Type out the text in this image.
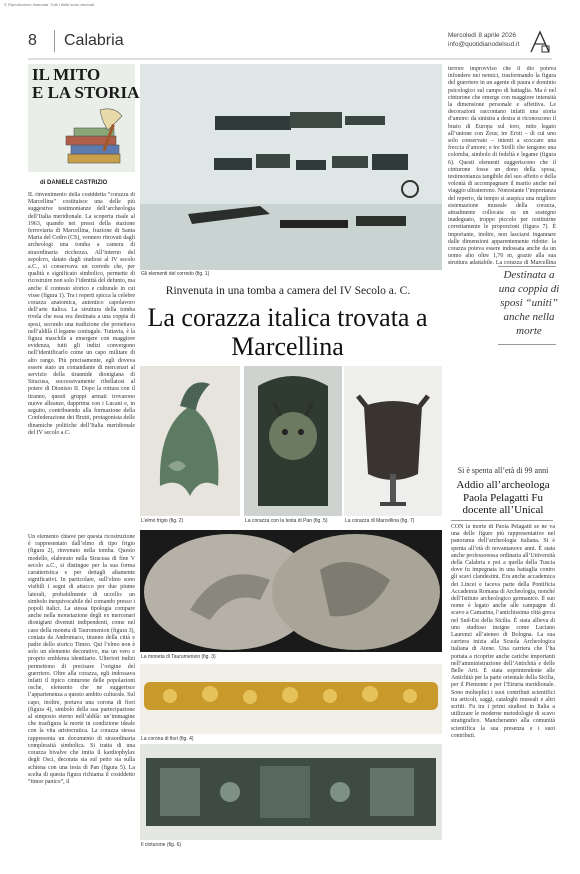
© Riproduzione riservata. Tutti i diritti sono riservati
8 Calabria	Mercoledì 8 aprile 2026
info@quotidianodelsud.it
IL MITO
E LA STORIA
di DANIELE CASTRIZIO
IL rinvenimento della cosiddetta “corazza di Marcellina” costituisce una delle più suggestive testimonianze dell’archeologia dell’Italia meridionale. La scoperta risale al 1963, quando nei pressi della stazione ferroviaria di Marcellina, frazione di Santa Maria del Cedro (CS), vennero ritrovati dagli archeologi una tomba a camera di straordinaria ricchezza. All’interno del sepolcro, datato dagli studiosi al IV secolo a.C., si conservava un corredo che, per qualità e significato simbolico, permette di ricostruire non solo l’identità del defunto, ma anche il contesto storico e culturale in cui visse (figura 1). Tra i reperti spicca la celebre corazza anatomica, autentico capolavoro dell’arte italica. La struttura della tomba rivela che essa era destinata a una coppia di sposi, secondo una tradizione che proiettava nell’aldilà il legame coniugale. Tuttavia, è la figura maschile a emergere con maggiore evidenza, tutti gli indizi convergono nell’identificarlo come un capo militare di alto rango. Più precisamente, egli doveva essere stato un comandante di mercenari al servizio della tirannide dionigiana di Siracusa, successivamente ribellatosi al potere di Dionisio II. Dopo la rottura con il tiranno, questi gruppi armati trovarono nuove alleanze, dapprima con i Lucani e, in seguito, contribuendo alla formazione della Confederazione dei Brutti, protagonista delle dinamiche politiche dell’Italia meridionale del IV secolo a.C.
Un elemento chiave per questa ricostruzione è rappresentato dall’elmo di tipo frigio (figura 2), rinvenuto nella tomba. Questo modello, elaborato nella Siracusa di fine V secolo a.C., si distingue per la sua forma caratteristica e per dettagli altamente significativi. In particolare, sull’elmo sono visibili i segni di attacco per due piume laterali, probabilmente di uccello: un simbolo inequivocabile del comando presso i popoli italici. La stessa tipologia compare anche nella monetazione degli ex mercenari dionigiani divenuti indipendenti, come nel caso della moneta di Tauromenion (figura 3), coniata da Andromaco, tiranno della città e padre dello storico Timeo. Qui l’elmo non è solo un elemento decorativo, ma un vero e proprio emblema identitario. Ulteriori indizi permettono di precisare l’origine del guerriero. Oltre alla corazza, egli indossava infatti il tipico cinturone delle popolazioni osche, elemento che ne suggerisce l’appartenenza a questo ambito culturale. Sul capo, inoltre, portava una corona di fiori (figura 4), simbolo della sua partecipazione al simposio eterno nell’aldilà: un’immagine che trasfigura la morte in condizione ideale con la vita aristocratica. La corazza stessa rappresenta un documento di straordinaria complessità simbolica. Si tratta di una corazza bivalve che imita il kardiophylax degli Osci, decorata sia sul petto sia sulla schiena con una testa di Pan (figura 5). La scelta di questa figura richiama il cosiddetto “timor panico”, il
terrore improvviso che il dio poteva infondere nei nemici, trasformando la figura del guerriero in un agente di paura e dominio psicologico sul campo di battaglia. Ma è nel cinturone che emerge con maggiore intensità la dimensione personale e affettiva. Le decorazioni raccontano infatti una storia d’amore: da sinistra a destra si riconoscono il busto di Europa sul toro, mito legato all’unione con Zeus; tre Eroti – di cui uno solo conservato – intenti a scoccare una freccia d’amore; e tre Sirilli che tengono una colomba, simbolo di fedeltà e legame (figura 6). Questi elementi suggeriscono che il cinturone fosse un dono della sposa, testimonianza tangibile del suo affetto e della volontà di accompagnare il marito anche nel viaggio ultraterreno. Nonostante l’importanza del reperto, da tempo si auspica una migliore sistemazione museale della corazza, attualmente collocata su un sostegno inadeguato, troppo piccolo per restituirne correttamente le proporzioni (figura 7). È importante, inoltre, non lasciarsi ingannare dalle dimensioni apparentemente ridotte: la corazza poteva essere indossata anche da un uomo alto oltre 1,70 m, grazie alla sua struttura adattabile. La corazza di Marcellina
Gli elementi del corredo (fig. 1)
Rinvenuta in una tomba a camera del IV Secolo a. C.
La corazza italica trovata a Marcellina
Destinata a una coppia di sposi “uniti” anche nella morte
L’elmo frigio (fig. 2)	La corazza con la testa di Pan (fig. 5)	La corazza di Marcellina (fig. 7)
La moneta di Taurumenion (fig. 3)
La corona di fiori (fig. 4)
Il cinturone (fig. 6)
Si è spenta all’età di 99 anni
Addio all’archeologa Paola Pelagatti Fu docente all’Unical
CON la morte di Paola Pelagatti se ne va una delle figure più rappresentative nel panorama dell’archeologia italiana. Si è spenta all’età di novantanove anni. È stata anche professoressa ordinaria all’Università della Calabria e poi a quella della Tuscia dove fu impegnata in una battaglia contro gli scavi clandestini. Era anche accademica dei Lincei e faceva parte della Pontificia Accademia Romana di Archeologia, nonché dell’Istituto archeologico germanico. Il suo nome è legato anche alle campagne di scavo a Camarina, l’antichissima città greca nel Sud-Est della Sicilia. È stata allieva di uno studioso insigne come Luciano Laurenzi all’ateneo di Bologna. La sua carriera inizia alla Scuola Archeologica italiana di Atene. Una carriera che l’ha portata a ricoprire anche cariche importanti nell’amministrazione dell’Antichità e delle Belle Arti. È stata soprintendente alle Antichità per la parte orientale della Sicilia, per il Piemonte e per l’Etruria meridionale. Sono molteplici i suoi contributi scientifici tra articoli, saggi, cataloghi museali e altri scritti. Fu tra i primi studiosi in Italia a utilizzare le moderne metodologie di scavo stratigrafico. Mancheranno alla comunità scientifica la sua presenza e i suoi contributi.
